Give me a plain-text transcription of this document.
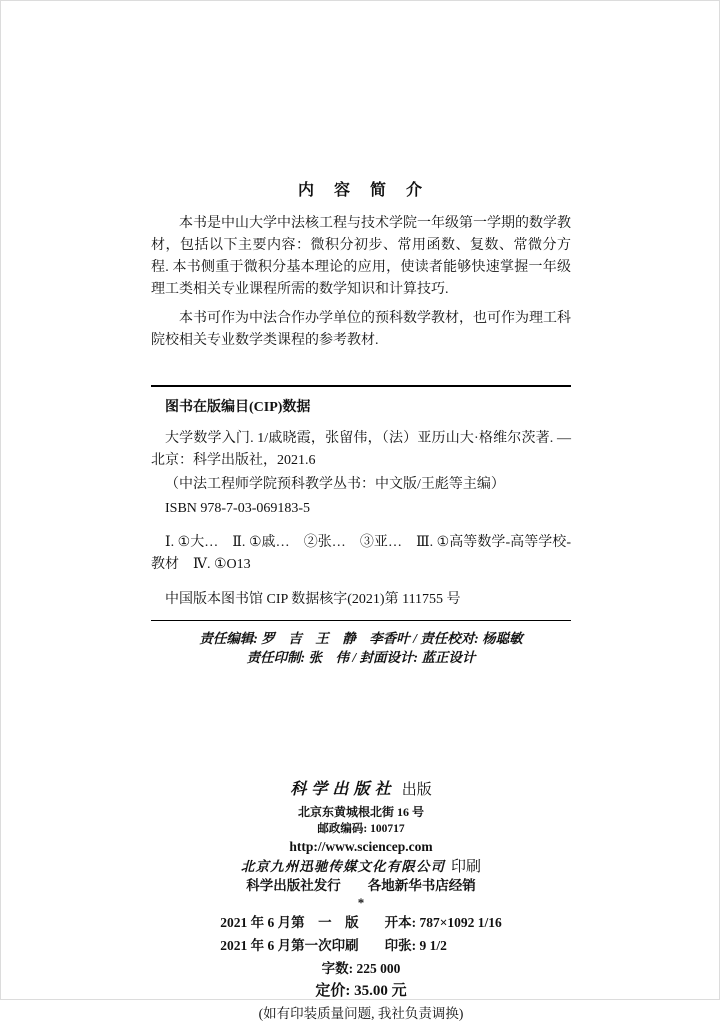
内　容　简　介

本书是中山大学中法核工程与技术学院一年级第一学期的数学教材，包括以下主要内容：微积分初步、常用函数、复数、常微分方程. 本书侧重于微积分基本理论的应用，使读者能够快速掌握一年级理工类相关专业课程所需的数学知识和计算技巧.

本书可作为中法合作办学单位的预科数学教材，也可作为理工科院校相关专业数学类课程的参考教材.

图书在版编目(CIP)数据

大学数学入门. 1/戚晓霞，张留伟，（法）亚历山大·格维尔茨著. —北京：科学出版社，2021.6

（中法工程师学院预科教学丛书：中文版/王彪等主编）

ISBN 978-7-03-069183-5

Ⅰ. ①大…　Ⅱ. ①戚…　②张…　③亚…　Ⅲ. ①高等数学-高等学校-教材　Ⅳ. ①O13

中国版本图书馆 CIP 数据核字(2021)第 111755 号

责任编辑: 罗　吉　王　静　李香叶 / 责任校对: 杨聪敏

责任印制: 张　伟 / 封面设计: 蓝正设计

科学出版社 出版

北京东黄城根北街 16 号

邮政编码: 100717

http://www.sciencep.com

北京九州迅驰传媒文化有限公司 印刷

科学出版社发行　　各地新华书店经销

*

2021 年 6 月第　一　版 开本: 787×1092 1/16
2021 年 6 月第一次印刷 印张: 9 1/2

字数: 225 000

定价: 35.00 元

(如有印装质量问题, 我社负责调换)
